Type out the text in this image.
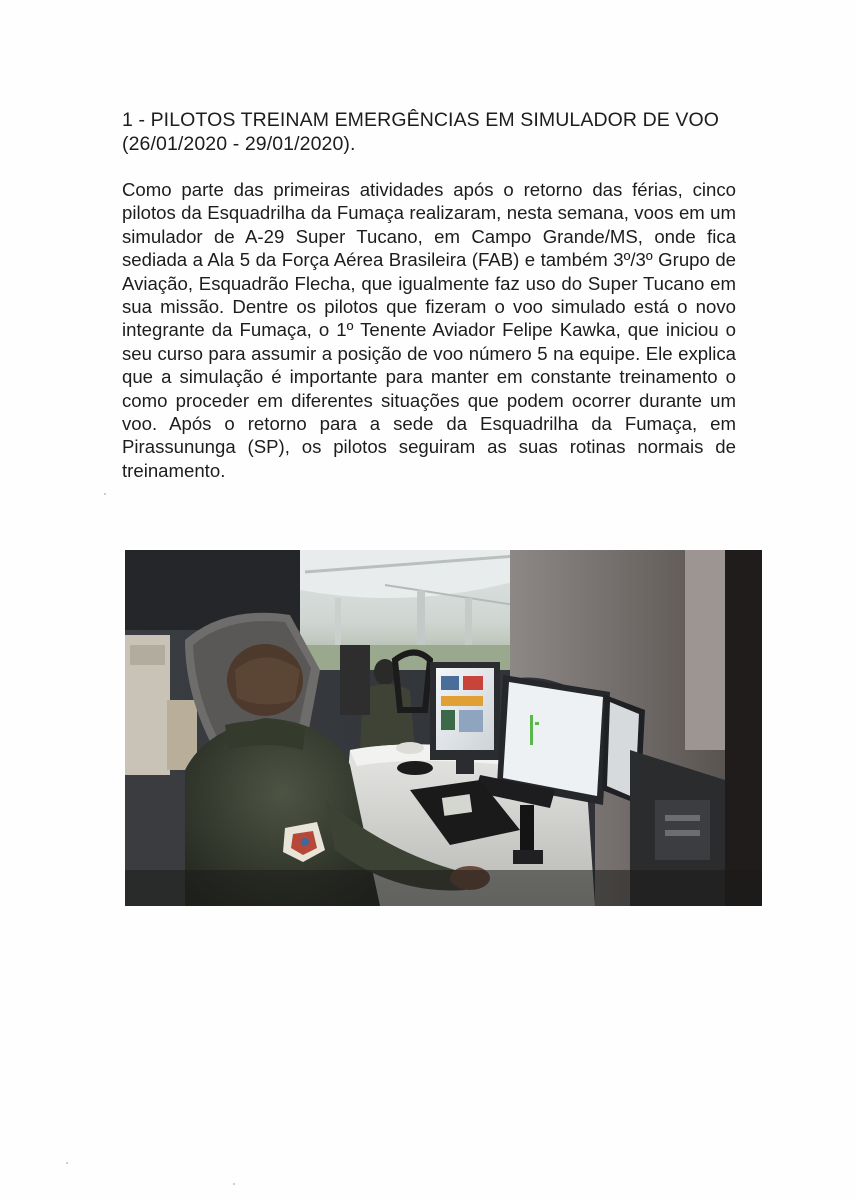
1 - PILOTOS TREINAM EMERGÊNCIAS EM SIMULADOR DE VOO (26/01/2020 - 29/01/2020).
Como parte das primeiras atividades após o retorno das férias, cinco pilotos da Esquadrilha da Fumaça realizaram, nesta semana, voos em um simulador de A-29 Super Tucano, em Campo Grande/MS, onde fica sediada a Ala 5 da Força Aérea Brasileira (FAB) e também 3º/3º Grupo de Aviação, Esquadrão Flecha, que igualmente faz uso do Super Tucano em sua missão. Dentre os pilotos que fizeram o voo simulado está o novo integrante da Fumaça, o 1º Tenente Aviador Felipe Kawka, que iniciou o seu curso para assumir a posição de voo número 5 na equipe. Ele explica que a simulação é importante para manter em constante treinamento o como proceder em diferentes situações que podem ocorrer durante um voo. Após o retorno para a sede da Esquadrilha da Fumaça, em Pirassununga (SP), os pilotos seguiram as suas rotinas normais de treinamento.
